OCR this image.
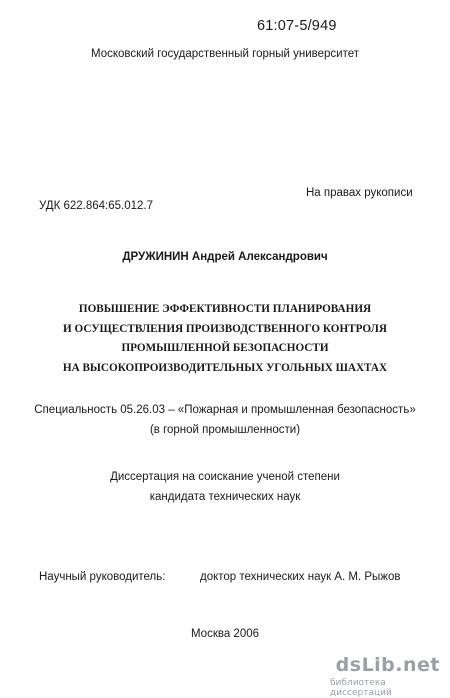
61:07-5/949
Московский государственный горный университет
На правах рукописи
УДК 622.864:65.012.7
ДРУЖИНИН Андрей Александрович
ПОВЫШЕНИЕ ЭФФЕКТИВНОСТИ ПЛАНИРОВАНИЯ
И ОСУЩЕСТВЛЕНИЯ ПРОИЗВОДСТВЕННОГО КОНТРОЛЯ
ПРОМЫШЛЕННОЙ БЕЗОПАСНОСТИ
НА ВЫСОКОПРОИЗВОДИТЕЛЬНЫХ УГОЛЬНЫХ ШАХТАХ
Специальность 05.26.03 – «Пожарная и промышленная безопасность»
(в горной промышленности)
Диссертация на соискание ученой степени
кандидата технических наук
Научный руководитель:	доктор технических наук А. М. Рыжов
Москва 2006
dsLib.net
библиотека диссертаций
